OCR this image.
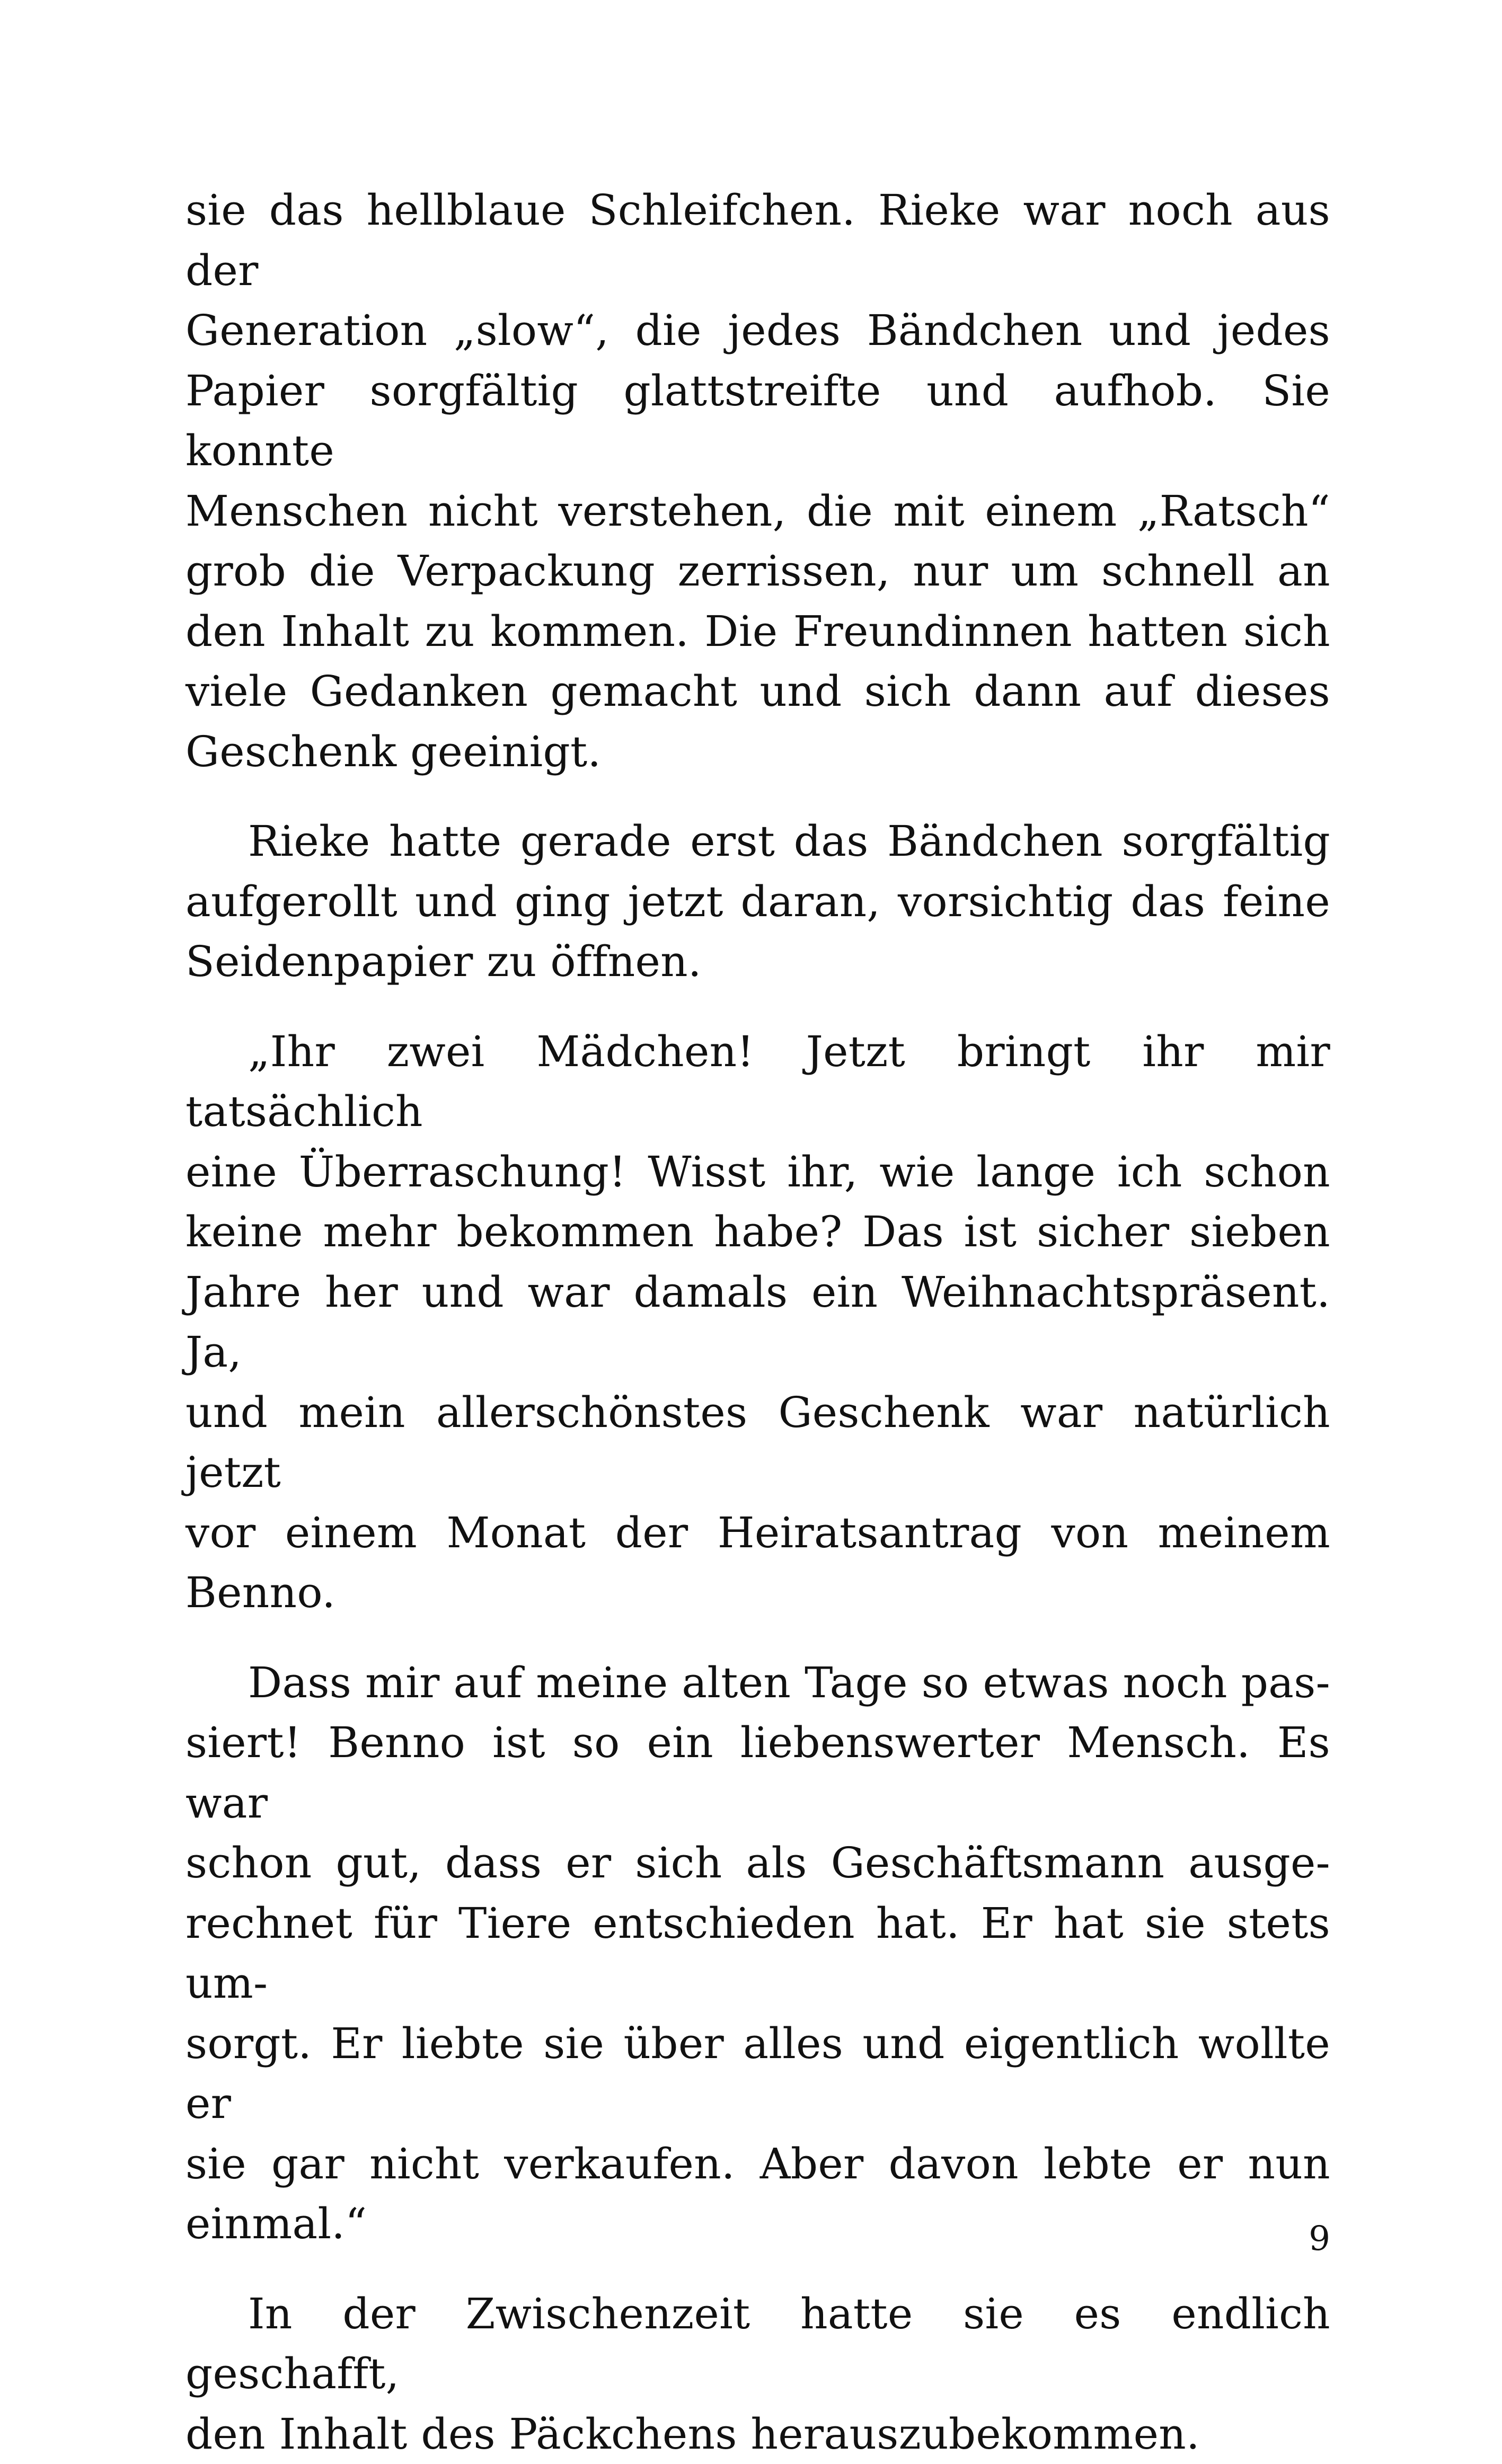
sie das hellblaue Schleifchen. Rieke war noch aus der
Generation „slow“, die jedes Bändchen und jedes
Papier sorgfältig glattstreifte und aufhob. Sie konnte
Menschen nicht verstehen, die mit einem „Ratsch“
grob die Verpackung zerrissen, nur um schnell an
den Inhalt zu kommen. Die Freundinnen hatten sich
viele Gedanken gemacht und sich dann auf dieses
Geschenk geeinigt.
Rieke hatte gerade erst das Bändchen sorgfältig
aufgerollt und ging jetzt daran, vorsichtig das feine
Seidenpapier zu öffnen.
„Ihr zwei Mädchen! Jetzt bringt ihr mir tatsächlich
eine Überraschung! Wisst ihr, wie lange ich schon
keine mehr bekommen habe? Das ist sicher sieben
Jahre her und war damals ein Weihnachtspräsent. Ja,
und mein allerschönstes Geschenk war natürlich jetzt
vor einem Monat der Heiratsantrag von meinem
Benno.
Dass mir auf meine alten Tage so etwas noch pas-
siert! Benno ist so ein liebenswerter Mensch. Es war
schon gut, dass er sich als Geschäftsmann ausge-
rechnet für Tiere entschieden hat. Er hat sie stets um-
sorgt. Er liebte sie über alles und eigentlich wollte er
sie gar nicht verkaufen. Aber davon lebte er nun
einmal.“
In der Zwischenzeit hatte sie es endlich geschafft,
den Inhalt des Päckchens herauszubekommen.
9
